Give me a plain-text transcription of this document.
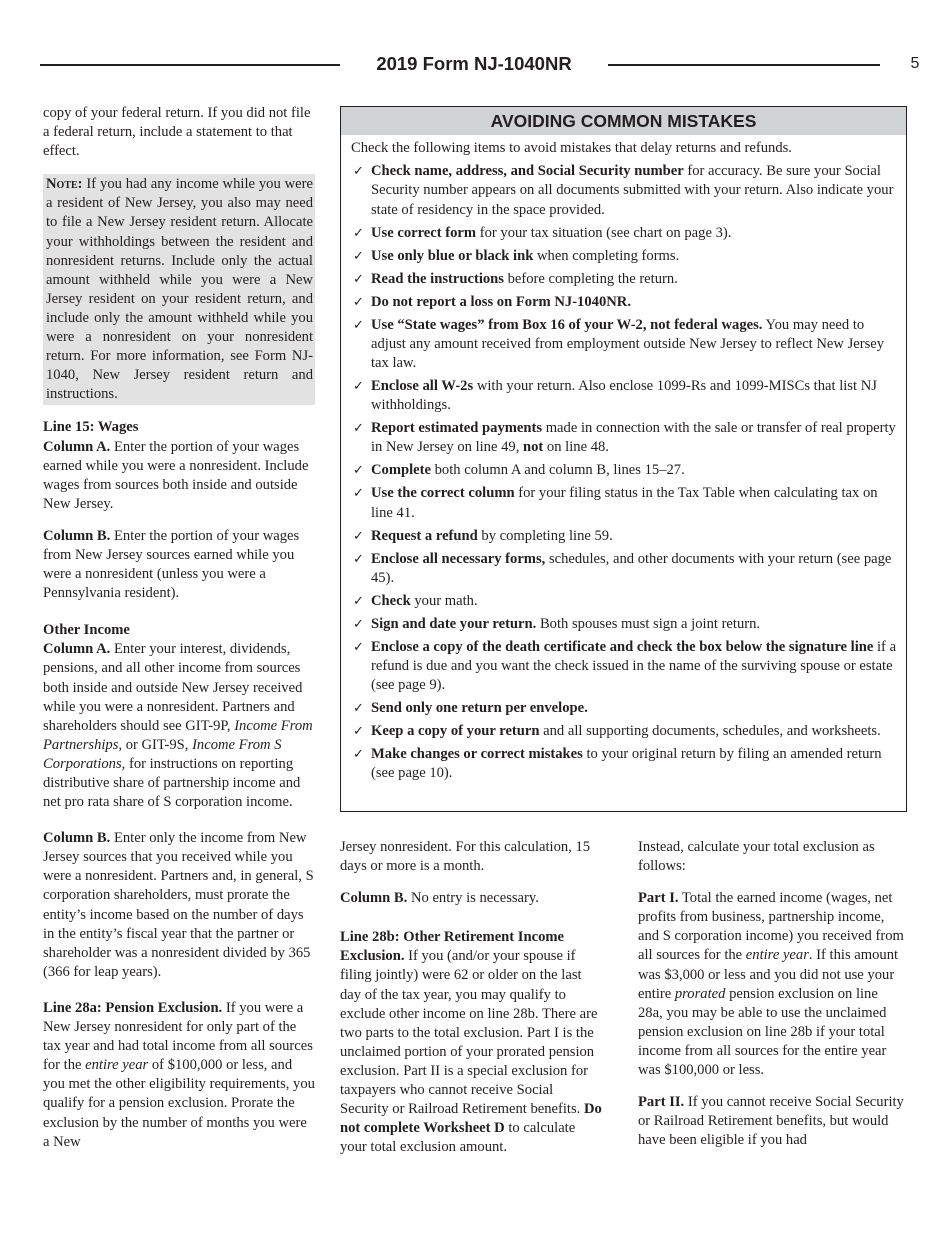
2019 Form NJ-1040NR	5

copy of your federal return. If you did not file a federal return, include a statement to that effect.

Note: If you had any income while you were a resident of New Jersey, you also may need to file a New Jersey resident return. Allocate your withholdings between the resident and nonresident returns. Include only the actual amount withheld while you were a New Jersey resident on your resident return, and include only the amount withheld while you were a nonresident on your nonresident return. For more information, see Form NJ-1040, New Jersey resident return and instructions.

Line 15: Wages

Column A. Enter the portion of your wages earned while you were a nonresident. Include wages from sources both inside and outside New Jersey.

Column B. Enter the portion of your wages from New Jersey sources earned while you were a nonresident (unless you were a Pennsylvania resident).

Other Income

Column A. Enter your interest, dividends, pensions, and all other income from sources both inside and outside New Jersey received while you were a nonresident. Partners and shareholders should see GIT-9P, Income From Partnerships, or GIT-9S, Income From S Corporations, for instructions on reporting distributive share of partnership income and net pro rata share of S corporation income.

Column B. Enter only the income from New Jersey sources that you received while you were a nonresident. Partners and, in general, S corporation shareholders, must prorate the entity’s income based on the number of days in the entity’s fiscal year that the partner or shareholder was a nonresident divided by 365 (366 for leap years).

Line 28a: Pension Exclusion. If you were a New Jersey nonresident for only part of the tax year and had total income from all sources for the entire year of $100,000 or less, and you met the other eligibility requirements, you qualify for a pension exclusion. Prorate the exclusion by the number of months you were a New

AVOIDING COMMON MISTAKES
Check the following items to avoid mistakes that delay returns and refunds.
✓ Check name, address, and Social Security number for accuracy. Be sure your Social Security number appears on all documents submitted with your return. Also indicate your state of residency in the space provided.
✓ Use correct form for your tax situation (see chart on page 3).
✓ Use only blue or black ink when completing forms.
✓ Read the instructions before completing the return.
✓ Do not report a loss on Form NJ-1040NR.
✓ Use “State wages” from Box 16 of your W-2, not federal wages. You may need to adjust any amount received from employment outside New Jersey to reflect New Jersey tax law.
✓ Enclose all W-2s with your return. Also enclose 1099-Rs and 1099-MISCs that list NJ withholdings.
✓ Report estimated payments made in connection with the sale or transfer of real property in New Jersey on line 49, not on line 48.
✓ Complete both column A and column B, lines 15–27.
✓ Use the correct column for your filing status in the Tax Table when calculating tax on line 41.
✓ Request a refund by completing line 59.
✓ Enclose all necessary forms, schedules, and other documents with your return (see page 45).
✓ Check your math.
✓ Sign and date your return. Both spouses must sign a joint return.
✓ Enclose a copy of the death certificate and check the box below the signature line if a refund is due and you want the check issued in the name of the surviving spouse or estate (see page 9).
✓ Send only one return per envelope.
✓ Keep a copy of your return and all supporting documents, schedules, and worksheets.
✓ Make changes or correct mistakes to your original return by filing an amended return (see page 10).

Jersey nonresident. For this calculation, 15 days or more is a month.

Column B. No entry is necessary.

Line 28b: Other Retirement Income Exclusion. If you (and/or your spouse if filing jointly) were 62 or older on the last day of the tax year, you may qualify to exclude other income on line 28b. There are two parts to the total exclusion. Part I is the unclaimed portion of your prorated pension exclusion. Part II is a special exclusion for taxpayers who cannot receive Social Security or Railroad Retirement benefits. Do not complete Worksheet D to calculate your total exclusion amount.

Instead, calculate your total exclusion as follows:

Part I. Total the earned income (wages, net profits from business, partnership income, and S corporation income) you received from all sources for the entire year. If this amount was $3,000 or less and you did not use your entire prorated pension exclusion on line 28a, you may be able to use the unclaimed pension exclusion on line 28b if your total income from all sources for the entire year was $100,000 or less.

Part II. If you cannot receive Social Security or Railroad Retirement benefits, but would have been eligible if you had
